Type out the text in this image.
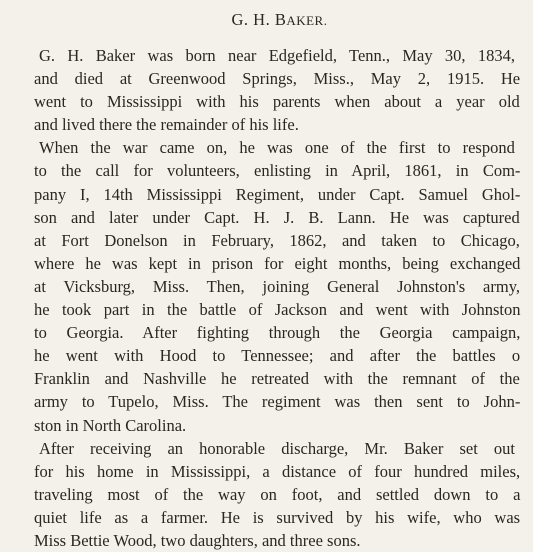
G. H. BAKER.
G. H. Baker was born near Edgefield, Tenn., May 30, 1834,
and died at Greenwood Springs, Miss., May 2, 1915. He
went to Mississippi with his parents when about a year old
and lived there the remainder of his life.
When the war came on, he was one of the first to respond
to the call for volunteers, enlisting in April, 1861, in Com-
pany I, 14th Mississippi Regiment, under Capt. Samuel Ghol-
son and later under Capt. H. J. B. Lann. He was captured
at Fort Donelson in February, 1862, and taken to Chicago,
where he was kept in prison for eight months, being exchanged
at Vicksburg, Miss. Then, joining General Johnston's army,
he took part in the battle of Jackson and went with Johnston
to Georgia. After fighting through the Georgia campaign,
he went with Hood to Tennessee; and after the battles o
Franklin and Nashville he retreated with the remnant of the
army to Tupelo, Miss. The regiment was then sent to John-
ston in North Carolina.
After receiving an honorable discharge, Mr. Baker set out
for his home in Mississippi, a distance of four hundred miles,
traveling most of the way on foot, and settled down to a
quiet life as a farmer. He is survived by his wife, who was
Miss Bettie Wood, two daughters, and three sons.
